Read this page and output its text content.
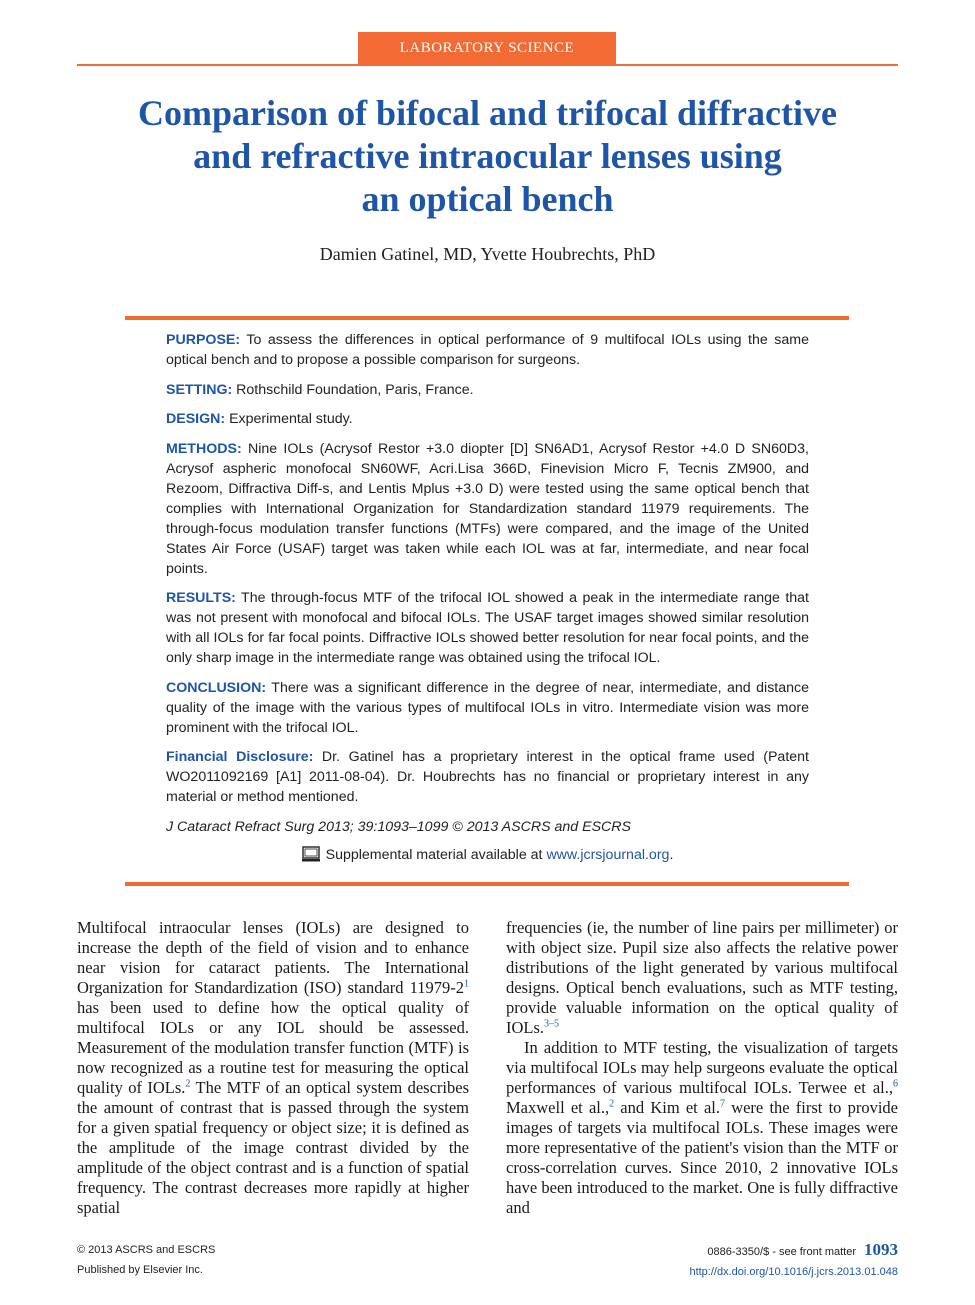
LABORATORY SCIENCE
Comparison of bifocal and trifocal diffractive
and refractive intraocular lenses using
an optical bench
Damien Gatinel, MD, Yvette Houbrechts, PhD

PURPOSE: To assess the differences in optical performance of 9 multifocal IOLs using the same optical bench and to propose a possible comparison for surgeons.

SETTING: Rothschild Foundation, Paris, France.

DESIGN: Experimental study.

METHODS: Nine IOLs (Acrysof Restor +3.0 diopter [D] SN6AD1, Acrysof Restor +4.0 D SN60D3, Acrysof aspheric monofocal SN60WF, Acri.Lisa 366D, Finevision Micro F, Tecnis ZM900, and Rezoom, Diffractiva Diff-s, and Lentis Mplus +3.0 D) were tested using the same optical bench that complies with International Organization for Standardization standard 11979 requirements. The through-focus modulation transfer functions (MTFs) were compared, and the image of the United States Air Force (USAF) target was taken while each IOL was at far, intermediate, and near focal points.

RESULTS: The through-focus MTF of the trifocal IOL showed a peak in the intermediate range that was not present with monofocal and bifocal IOLs. The USAF target images showed similar resolution with all IOLs for far focal points. Diffractive IOLs showed better resolution for near focal points, and the only sharp image in the intermediate range was obtained using the trifocal IOL.

CONCLUSION: There was a significant difference in the degree of near, intermediate, and distance quality of the image with the various types of multifocal IOLs in vitro. Intermediate vision was more prominent with the trifocal IOL.

Financial Disclosure: Dr. Gatinel has a proprietary interest in the optical frame used (Patent WO2011092169 [A1] 2011-08-04). Dr. Houbrechts has no financial or proprietary interest in any material or method mentioned.

J Cataract Refract Surg 2013; 39:1093–1099 © 2013 ASCRS and ESCRS

Supplemental material available at www.jcrsjournal.org.

Multifocal intraocular lenses (IOLs) are designed to increase the depth of the field of vision and to enhance near vision for cataract patients. The International Organization for Standardization (ISO) standard $11979-2^1$ has been used to define how the optical quality of multifocal IOLs or any IOL should be assessed. Measurement of the modulation transfer function (MTF) is now recognized as a routine test for measuring the optical quality of IOLs.$^2$ The MTF of an optical system describes the amount of contrast that is passed through the system for a given spatial frequency or object size; it is defined as the amplitude of the image contrast divided by the amplitude of the object contrast and is a function of spatial frequency. The contrast decreases more rapidly at higher spatial

frequencies (ie, the number of line pairs per millimeter) or with object size. Pupil size also affects the relative power distributions of the light generated by various multifocal designs. Optical bench evaluations, such as MTF testing, provide valuable information on the optical quality of IOLs.$^{3-5}$

In addition to MTF testing, the visualization of targets via multifocal IOLs may help surgeons evaluate the optical performances of various multifocal IOLs. Terwee et al.,$^6$ Maxwell et al.,$^2$ and Kim et al.$^7$ were the first to provide images of targets via multifocal IOLs. These images were more representative of the patient's vision than the MTF or cross-correlation curves. Since 2010, 2 innovative IOLs have been introduced to the market. One is fully diffractive and

© 2013 ASCRS and ESCRS
Published by Elsevier Inc.
0886-3350/$ - see front matter 1093
http://dx.doi.org/10.1016/j.jcrs.2013.01.048
